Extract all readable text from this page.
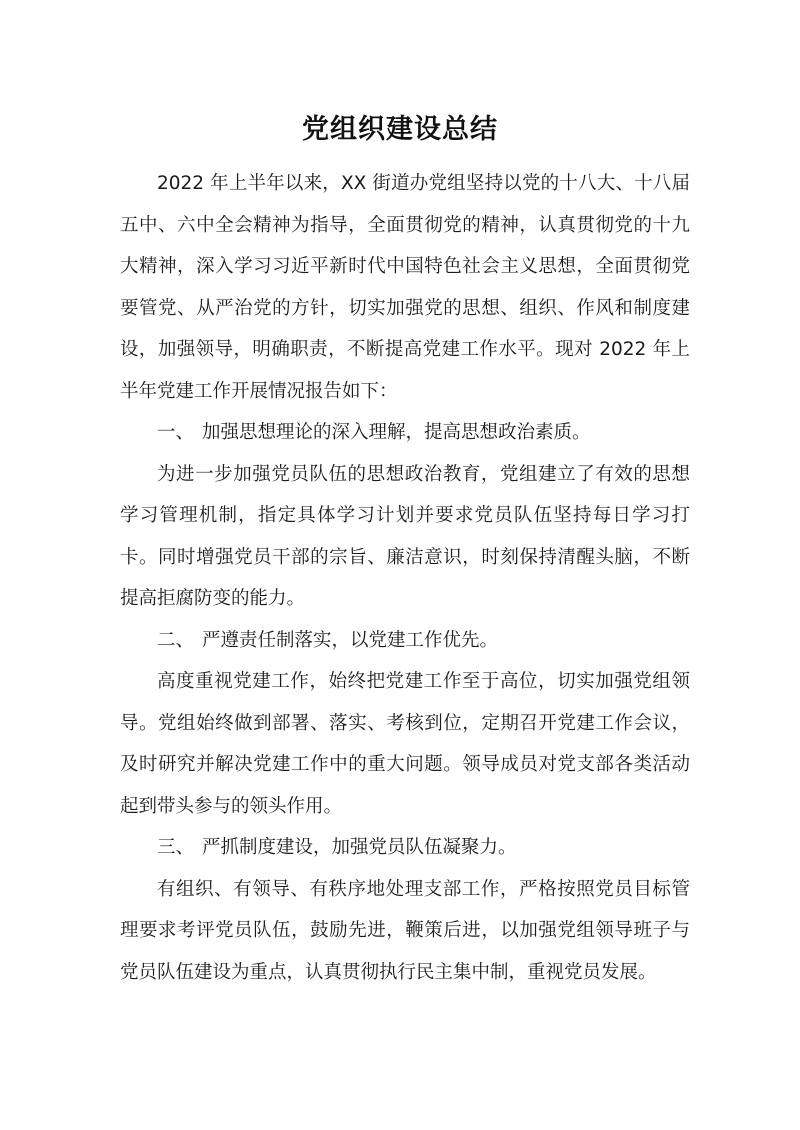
党组织建设总结

2022 年上半年以来，XX 街道办党组坚持以党的十八大、十八届五中、六中全会精神为指导，全面贯彻党的精神，认真贯彻党的十九大精神，深入学习习近平新时代中国特色社会主义思想，全面贯彻党要管党、从严治党的方针，切实加强党的思想、组织、作风和制度建设，加强领导，明确职责，不断提高党建工作水平。现对 2022 年上半年党建工作开展情况报告如下：

一、 加强思想理论的深入理解，提高思想政治素质。

为进一步加强党员队伍的思想政治教育，党组建立了有效的思想学习管理机制，指定具体学习计划并要求党员队伍坚持每日学习打卡。同时增强党员干部的宗旨、廉洁意识，时刻保持清醒头脑，不断提高拒腐防变的能力。

二、 严遵责任制落实，以党建工作优先。

高度重视党建工作，始终把党建工作至于高位，切实加强党组领导。党组始终做到部署、落实、考核到位，定期召开党建工作会议，及时研究并解决党建工作中的重大问题。领导成员对党支部各类活动起到带头参与的领头作用。

三、 严抓制度建设，加强党员队伍凝聚力。

有组织、有领导、有秩序地处理支部工作，严格按照党员目标管理要求考评党员队伍，鼓励先进，鞭策后进，以加强党组领导班子与党员队伍建设为重点，认真贯彻执行民主集中制，重视党员发展。
